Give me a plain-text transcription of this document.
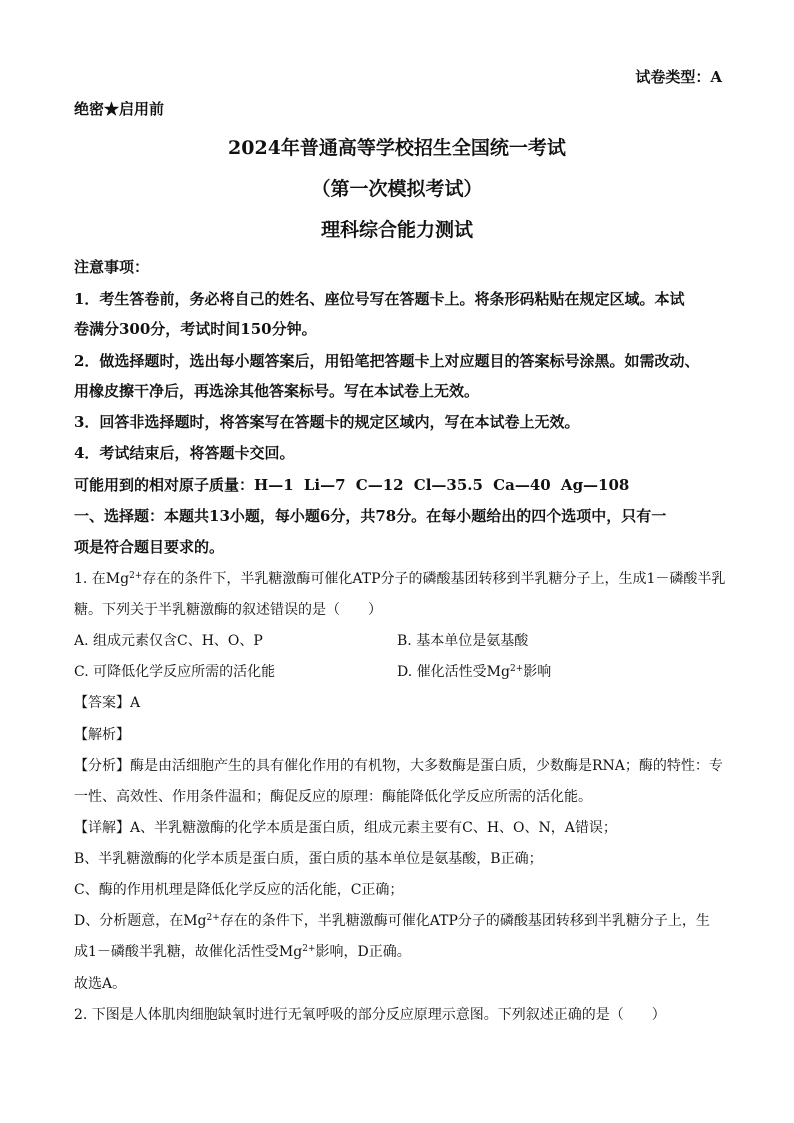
试卷类型：A
绝密★启用前
2024年普通高等学校招生全国统一考试
（第一次模拟考试）
理科综合能力测试
注意事项：
1．考生答卷前，务必将自己的姓名、座位号写在答题卡上。将条形码粘贴在规定区域。本试
卷满分300分，考试时间150分钟。
2．做选择题时，选出每小题答案后，用铅笔把答题卡上对应题目的答案标号涂黑。如需改动、
用橡皮擦干净后，再选涂其他答案标号。写在本试卷上无效。
3．回答非选择题时，将答案写在答题卡的规定区域内，写在本试卷上无效。
4．考试结束后，将答题卡交回。
可能用到的相对原子质量：H—1 Li—7 C—12 Cl—35.5 Ca—40 Ag—108
一、选择题：本题共13小题，每小题6分，共78分。在每小题给出的四个选项中，只有一
项是符合题目要求的。
1. 在$Mg^{2+}$存在的条件下，半乳糖激酶可催化ATP分子的磷酸基团转移到半乳糖分子上，生成1－磷酸半乳
糖。下列关于半乳糖激酶的叙述错误的是（　　）
A. 组成元素仅含C、H、O、P	B. 基本单位是氨基酸
C. 可降低化学反应所需的活化能	D. 催化活性受$Mg^{2+}$影响
【答案】A
【解析】
【分析】酶是由活细胞产生的具有催化作用的有机物，大多数酶是蛋白质，少数酶是RNA；酶的特性：专
一性、高效性、作用条件温和；酶促反应的原理：酶能降低化学反应所需的活化能。
【详解】A、半乳糖激酶的化学本质是蛋白质，组成元素主要有C、H、O、N，A错误；
B、半乳糖激酶的化学本质是蛋白质，蛋白质的基本单位是氨基酸，B正确；
C、酶的作用机理是降低化学反应的活化能，C正确；
D、分析题意，在$Mg^{2+}$存在的条件下，半乳糖激酶可催化ATP分子的磷酸基团转移到半乳糖分子上，生
成1－磷酸半乳糖，故催化活性受$Mg^{2+}$影响，D正确。
故选A。
2. 下图是人体肌肉细胞缺氧时进行无氧呼吸的部分反应原理示意图。下列叙述正确的是（　　）
